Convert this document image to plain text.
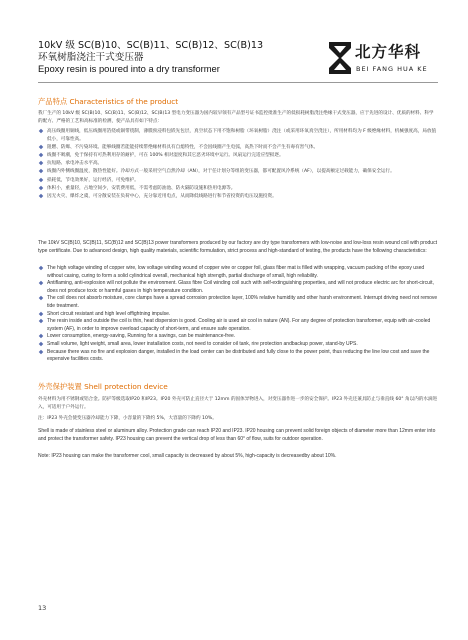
10kV 级 SC(B)10、SC(B)11、SC(B)12、SC(B)13
环氧树脂浇注干式变压器
Epoxy resin is poured into a dry transformer
北方华科
BEI FANG HUA KE
产品特点 Characteristics of the product
我厂生产的 10kV 级 SC(B)10、SC(B)11、SC(B)12、SC(B)13 型电力变压器为国内较早领有产品型号证书监控批准生产的低损耗树脂浇注绝缘干式变压器，应于先进的设计、优质的材料、科学的配方、严格的工艺和高标准的检测，使产品具有如下特点：
高压线圈用铜线，低压线圈用箔绕或铜带绕制，薄膜预浸料包嵌先包层，真空状态下用不饱和树脂（环氧树脂）浇注（或采用环氧真空浇注），所用材料均为 F 级绝缘材料，机械强度高，局放值低小，可靠性高。
阻燃、防爆、不污染环境。能够线圈若能能持续带绝缘材料具有自熄特性，不会因线圈产生电弧，高热下时而不会产生有毒有害气体。
线圈不吸潮，免于保持有可热利用存的耐护，可在 100% 相对湿度和其它恶劣环境中运行。风扇运行完适应型损逐。
抗短路、承电冲击水平高。
线圈内外侧线圈温度，散热性能好。冷却方式一般采用空气自然冷却（AN），对于任计划分等组的变压器，都可配置风冷系统（AF），以提高额定过载能力，确保安全运行。
损耗低，节电效果好，运行经济，可免维护。
体积小，重量轻，占地空间少，安装费用低，不需考虑防油池、防火隔防设施和热用电源等。
因无火灾、爆炸之虞，可分散安装在负荷中心，充分靠近用电点，从而降低线路进行和节省投资的电压设施投资。
The 10kV SC(B)10, SC(B)11, SC(B)12 and SC(B)13 power transformers produced by our factory are dry type transformers with low-noise and low-loss resin wound coil with product type certificate. Due to advanced design, high quality materials, scientific formulation, strict process and high-standard of testing, the products have the following characteristics:
The high voltage winding of copper wire, low voltage winding wound of copper wire or copper foil, glass fiber mat is filled with wrapping, vacuum packing of the epoxy used without casing, curing to form a solid cylindrical overall, mechanical high strength, partial discharge of small, high reliability.
Antiflaming, anti-explosion will not pollute the environment. Glass fibre Coil winding coil such with self-extinguishing properties, and will not produce electric arc for short-circuit, does not produce toxic or harmful gases in high temperature condition.
The coil does not absorb moisture, core clamps have a spread corrosion protection layer, 100% relative humidity and other harsh environment. Interrupt driving need not remove tide treatment.
Short circuit resistant and high level offightning impulse.
The resin inside and outside the coil is thin, heat dispersion is good. Cooling air is used air cool in nature (AN). For any degree of protection transformer, equip with air-cooled system (AF), in order to improve overload capacity of short-term, and ensure safe operation.
Lower consumption, energy-saving, Running for a savings, can be maintenance-free.
Small volume, light weight, small area, lower installation costs, not need to consider oil tank, rire protection andbackup power, stand-by UPS.
Because there was no fire and explosion danger, installed in the load center can be distributed and fully close to the power point, thus reducing the line low cost and save the expensive facilities costs.
外壳保护装置 Shell protection device
外壳材料为用不锈钢或铝合金。防护等级选取IP20 和IP23。IP20 外壳可防止直径大于 12mm 的固体异物进入，对变压器作进一步的安全保护。IP23 外壳还兼具防止与垂直线 60° 角以内的水滴进入，可适用于户外运行。
注：IP23 外壳会使变压器冷却能力下降，小容量的下降约 5%，大容量的下降约 10%。
Shell is made of stainless steel or aluminum alloy. Protection grade can reach IP20 and IP23. IP20 housing can prevent solid foreign objects of diameter more than 12mm enter into and protect the transformer safety. IP23 housing can prevent the vertical drop of less than 60° of flow, suits for outdoor operation.
Note: IP23 housing can make the transformer cool, small capacity is decreased by about 5%, high-capacity is decreasedby about 10%.
13
